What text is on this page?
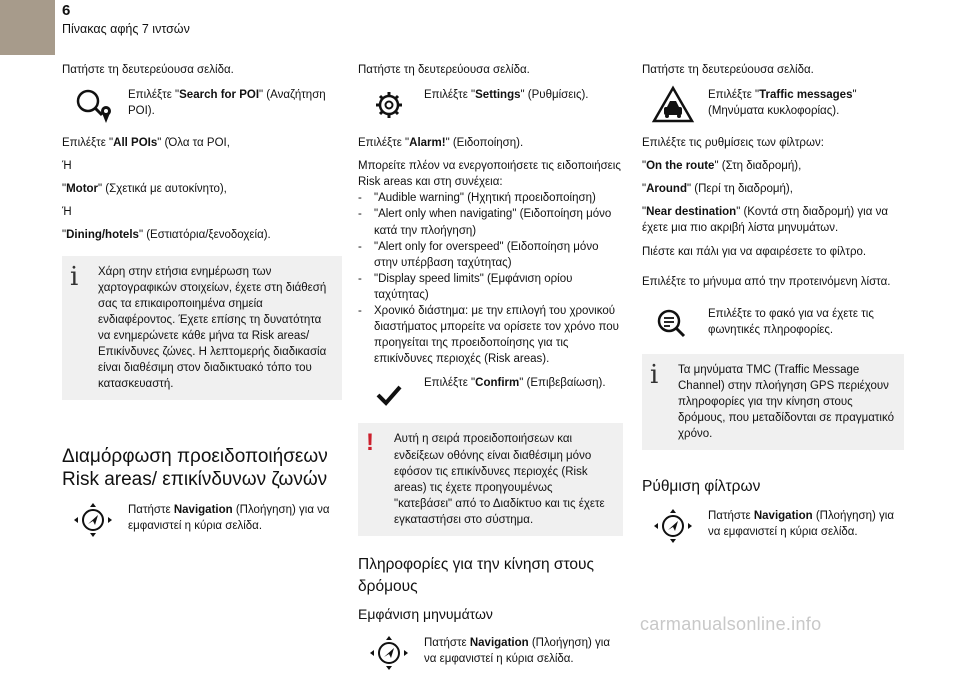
6
Πίνακας αφής 7 ιντσών

Πατήστε τη δευτερεύουσα σελίδα.

Επιλέξτε "Search for POI" (Αναζήτηση POI).

Επιλέξτε "All POIs" (Όλα τα POI,

Ή

"Motor" (Σχετικά με αυτοκίνητο),

Ή

"Dining/hotels" (Εστιατόρια/ξενοδοχεία).

i	Χάρη στην ετήσια ενημέρωση των χαρτογραφικών στοιχείων, έχετε στη διάθεσή σας τα επικαιροποιημένα σημεία ενδιαφέροντος. Έχετε επίσης τη δυνατότητα να ενημερώνετε κάθε μήνα τα Risk areas/Επικίνδυνες ζώνες. Η λεπτομερής διαδικασία είναι διαθέσιμη στον διαδικτυακό τόπο του κατασκευαστή.
Διαμόρφωση προειδοποιήσεων Risk areas/ επικίνδυνων ζωνών
Πατήστε Navigation (Πλοήγηση) για να εμφανιστεί η κύρια σελίδα.

Πατήστε τη δευτερεύουσα σελίδα.

Επιλέξτε "Settings" (Ρυθμίσεις).

Επιλέξτε "Alarm!" (Ειδοποίηση).

Μπορείτε πλέον να ενεργοποιήσετε τις ειδοποιήσεις Risk areas και στη συνέχεια:

- "Audible warning" (Ηχητική προειδοποίηση)
- "Alert only when navigating" (Ειδοποίηση μόνο κατά την πλοήγηση)
- "Alert only for overspeed" (Ειδοποίηση μόνο στην υπέρβαση ταχύτητας)
- "Display speed limits" (Εμφάνιση ορίου ταχύτητας)
- Χρονικό διάστημα: με την επιλογή του χρονικού διαστήματος μπορείτε να ορίσετε τον χρόνο που προηγείται της προειδοποίησης για τις επικίνδυνες περιοχές (Risk areas).
Επιλέξτε "Confirm" (Επιβεβαίωση).
!	Αυτή η σειρά προειδοποιήσεων και ενδείξεων οθόνης είναι διαθέσιμη μόνο εφόσον τις επικίνδυνες περιοχές (Risk areas) τις έχετε προηγουμένως "κατεβάσει" από το Διαδίκτυο και τις έχετε εγκαταστήσει στο σύστημα.
Πληροφορίες για την κίνηση στους δρόμους
Εμφάνιση μηνυμάτων
Πατήστε Navigation (Πλοήγηση) για να εμφανιστεί η κύρια σελίδα.

Πατήστε τη δευτερεύουσα σελίδα.

Επιλέξτε "Traffic messages" (Μηνύματα κυκλοφορίας).

Επιλέξτε τις ρυθμίσεις των φίλτρων:

"On the route" (Στη διαδρομή),

"Around" (Περί τη διαδρομή),

"Near destination" (Κοντά στη διαδρομή) για να έχετε μια πιο ακριβή λίστα μηνυμάτων.

Πιέστε και πάλι για να αφαιρέσετε το φίλτρο.

Επιλέξτε το μήνυμα από την προτεινόμενη λίστα.

Επιλέξτε το φακό για να έχετε τις φωνητικές πληροφορίες.
i	Τα μηνύματα TMC (Traffic Message Channel) στην πλοήγηση GPS περιέχουν πληροφορίες για την κίνηση στους δρόμους, που μεταδίδονται σε πραγματικό χρόνο.
Ρύθμιση φίλτρων
Πατήστε Navigation (Πλοήγηση) για να εμφανιστεί η κύρια σελίδα.
carmanualsonline.info
